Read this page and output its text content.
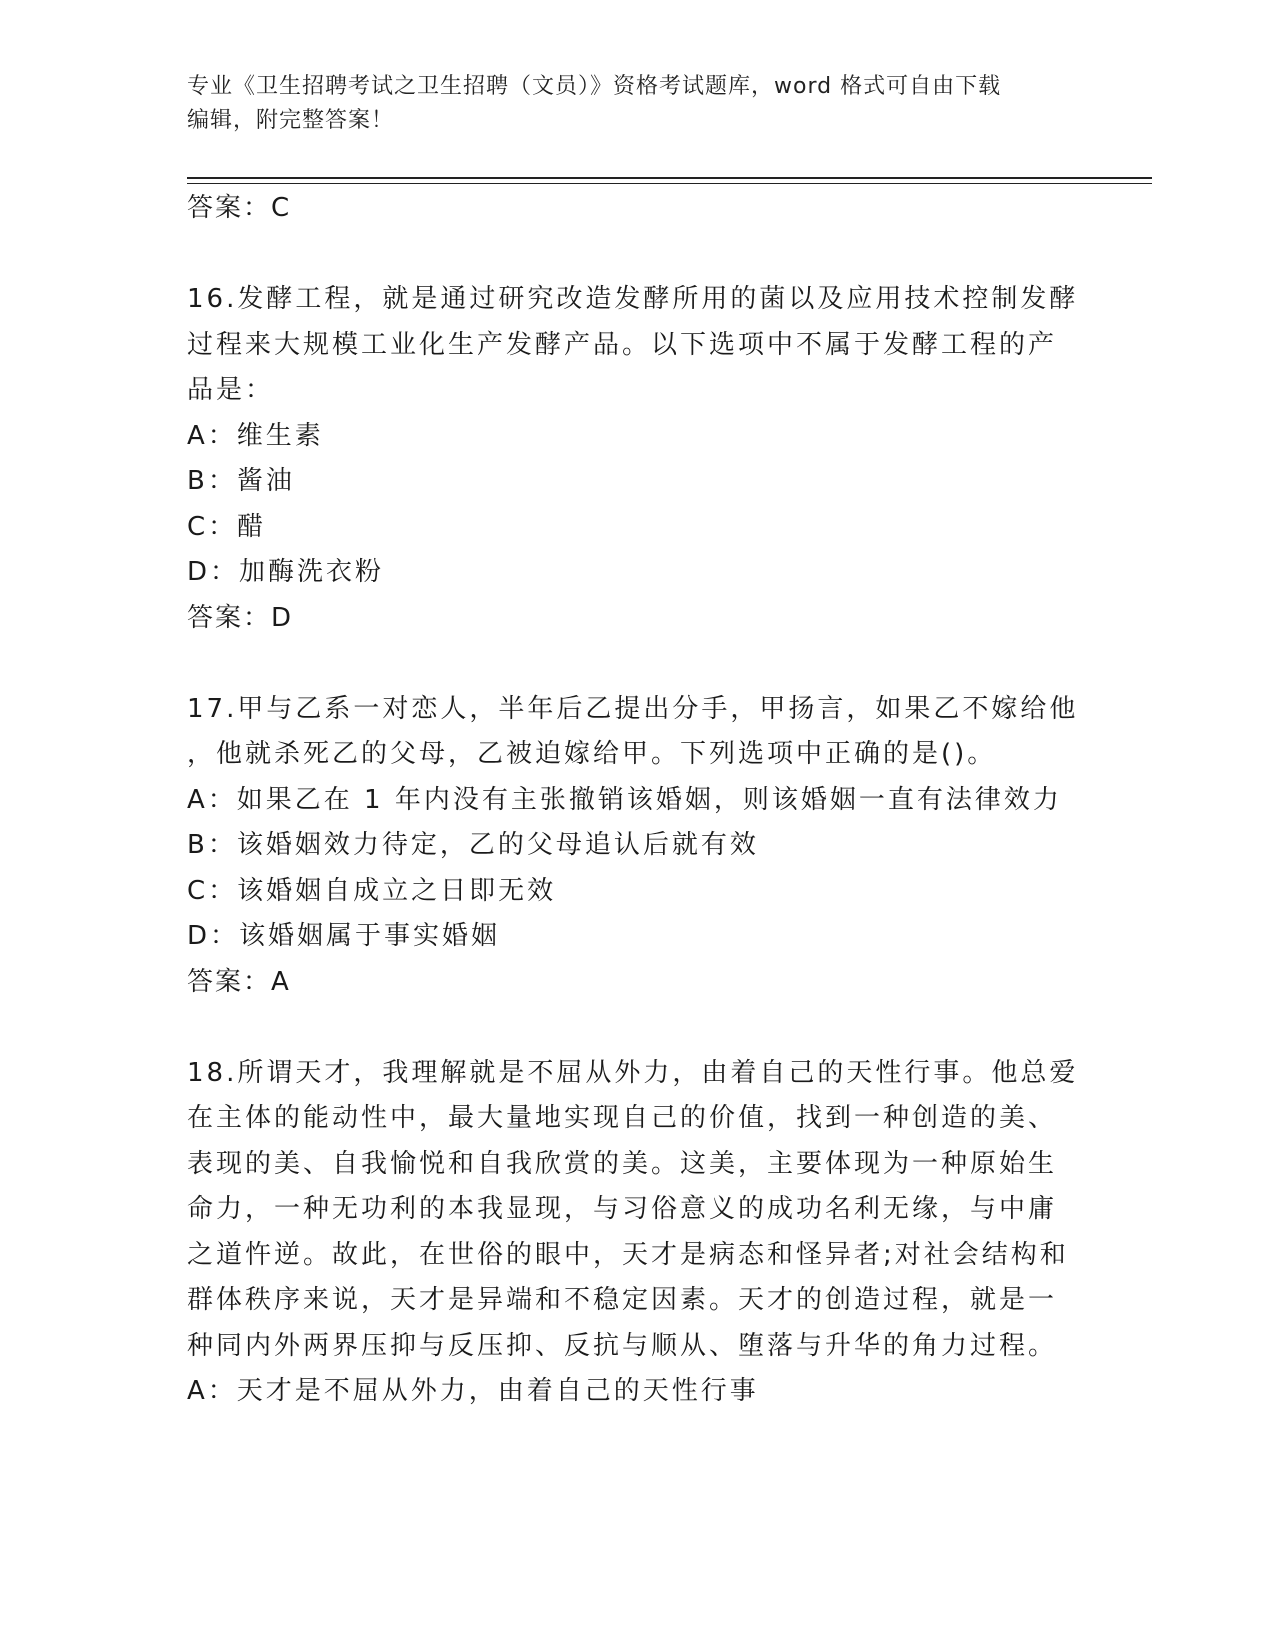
专业《卫生招聘考试之卫生招聘（文员）》资格考试题库，word 格式可自由下载
编辑，附完整答案！
答案：C
16.发酵工程，就是通过研究改造发酵所用的菌以及应用技术控制发酵
过程来大规模工业化生产发酵产品。以下选项中不属于发酵工程的产
品是：
A：维生素
B：酱油
C：醋
D：加酶洗衣粉
答案：D
17.甲与乙系一对恋人，半年后乙提出分手，甲扬言，如果乙不嫁给他
，他就杀死乙的父母，乙被迫嫁给甲。下列选项中正确的是()。
A：如果乙在 1 年内没有主张撤销该婚姻，则该婚姻一直有法律效力
B：该婚姻效力待定，乙的父母追认后就有效
C：该婚姻自成立之日即无效
D：该婚姻属于事实婚姻
答案：A
18.所谓天才，我理解就是不屈从外力，由着自己的天性行事。他总爱
在主体的能动性中，最大量地实现自己的价值，找到一种创造的美、
表现的美、自我愉悦和自我欣赏的美。这美，主要体现为一种原始生
命力，一种无功利的本我显现，与习俗意义的成功名利无缘，与中庸
之道忤逆。故此，在世俗的眼中，天才是病态和怪异者;对社会结构和
群体秩序来说，天才是异端和不稳定因素。天才的创造过程，就是一
种同内外两界压抑与反压抑、反抗与顺从、堕落与升华的角力过程。
A：天才是不屈从外力，由着自己的天性行事
